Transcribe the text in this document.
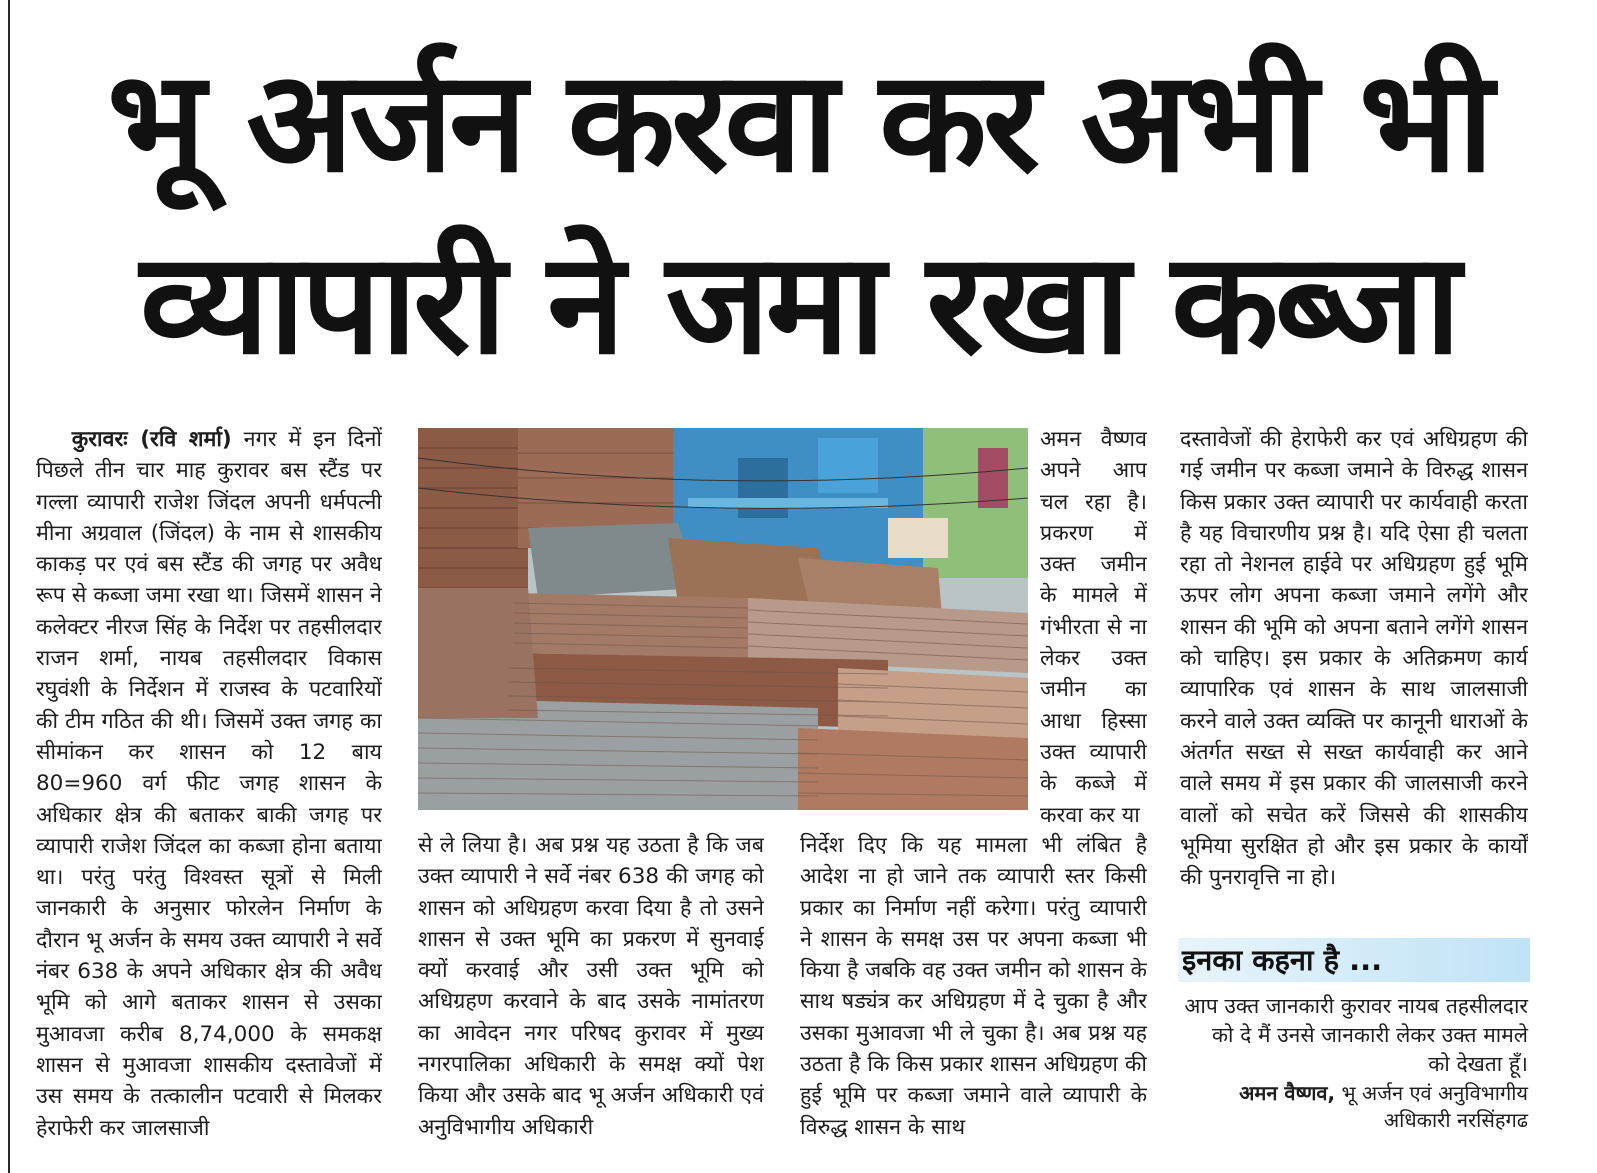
भू अर्जन करवा कर अभी भी
व्यापारी ने जमा रखा कब्जा

कुरावरः (रवि शर्मा) नगर में इन दिनों पिछले तीन चार माह कुरावर बस स्टैंड पर गल्ला व्यापारी राजेश जिंदल अपनी धर्मपत्नी मीना अग्रवाल (जिंदल) के नाम से शासकीय काकड़ पर एवं बस स्टैंड की जगह पर अवैध रूप से कब्जा जमा रखा था। जिसमें शासन ने कलेक्टर नीरज सिंह के निर्देश पर तहसीलदार राजन शर्मा, नायब तहसीलदार विकास रघुवंशी के निर्देशन में राजस्व के पटवारियों की टीम गठित की थी। जिसमें उक्त जगह का सीमांकन कर शासन को 12 बाय 80=960 वर्ग फीट जगह शासन के अधिकार क्षेत्र की बताकर बाकी जगह पर व्यापारी राजेश जिंदल का कब्जा होना बताया था। परंतु परंतु विश्वस्त सूत्रों से मिली जानकारी के अनुसार फोरलेन निर्माण के दौरान भू अर्जन के समय उक्त व्यापारी ने सर्वे नंबर 638 के अपने अधिकार क्षेत्र की अवैध भूमि को आगे बताकर शासन से उसका मुआवजा करीब 8,74,000 के समकक्ष शासन से मुआवजा शासकीय दस्तावेजों में उस समय के तत्कालीन पटवारी से मिलकर हेराफेरी कर जालसाजी

से ले लिया है। अब प्रश्न यह उठता है कि जब उक्त व्यापारी ने सर्वे नंबर 638 की जगह को शासन को अधिग्रहण करवा दिया है तो उसने शासन से उक्त भूमि का प्रकरण में सुनवाई क्यों करवाई और उसी उक्त भूमि को अधिग्रहण करवाने के बाद उसके नामांतरण का आवेदन नगर परिषद कुरावर में मुख्य नगरपालिका अधिकारी के समक्ष क्यों पेश किया और उसके बाद भू अर्जन अधिकारी एवं अनुविभागीय अधिकारी

अमन वैष्णव अपने आप चल रहा है। प्रकरण में उक्त जमीन के मामले में गंभीरता से ना लेकर उक्त जमीन का आधा हिस्सा उक्त व्यापारी के कब्जे में करवा कर या

निर्देश दिए कि यह मामला भी लंबित है आदेश ना हो जाने तक व्यापारी स्तर किसी प्रकार का निर्माण नहीं करेगा। परंतु व्यापारी ने शासन के समक्ष उस पर अपना कब्जा भी किया है जबकि वह उक्त जमीन को शासन के साथ षड्यंत्र कर अधिग्रहण में दे चुका है और उसका मुआवजा भी ले चुका है। अब प्रश्न यह उठता है कि किस प्रकार शासन अधिग्रहण की हुई भूमि पर कब्जा जमाने वाले व्यापारी के विरुद्ध शासन के साथ

दस्तावेजों की हेराफेरी कर एवं अधिग्रहण की गई जमीन पर कब्जा जमाने के विरुद्ध शासन किस प्रकार उक्त व्यापारी पर कार्यवाही करता है यह विचारणीय प्रश्न है। यदि ऐसा ही चलता रहा तो नेशनल हाईवे पर अधिग्रहण हुई भूमि ऊपर लोग अपना कब्जा जमाने लगेंगे और शासन की भूमि को अपना बताने लगेंगे शासन को चाहिए। इस प्रकार के अतिक्रमण कार्य व्यापारिक एवं शासन के साथ जालसाजी करने वाले उक्त व्यक्ति पर कानूनी धाराओं के अंतर्गत सख्त से सख्त कार्यवाही कर आने वाले समय में इस प्रकार की जालसाजी करने वालों को सचेत करें जिससे की शासकीय भूमिया सुरक्षित हो और इस प्रकार के कार्यों की पुनरावृत्ति ना हो।

इनका कहना है ...
आप उक्त जानकारी कुरावर नायब तहसीलदार को दे मैं उनसे जानकारी लेकर उक्त मामले को देखता हूँ।
अमन वैष्णव, भू अर्जन एवं अनुविभागीय अधिकारी नरसिंहगढ
